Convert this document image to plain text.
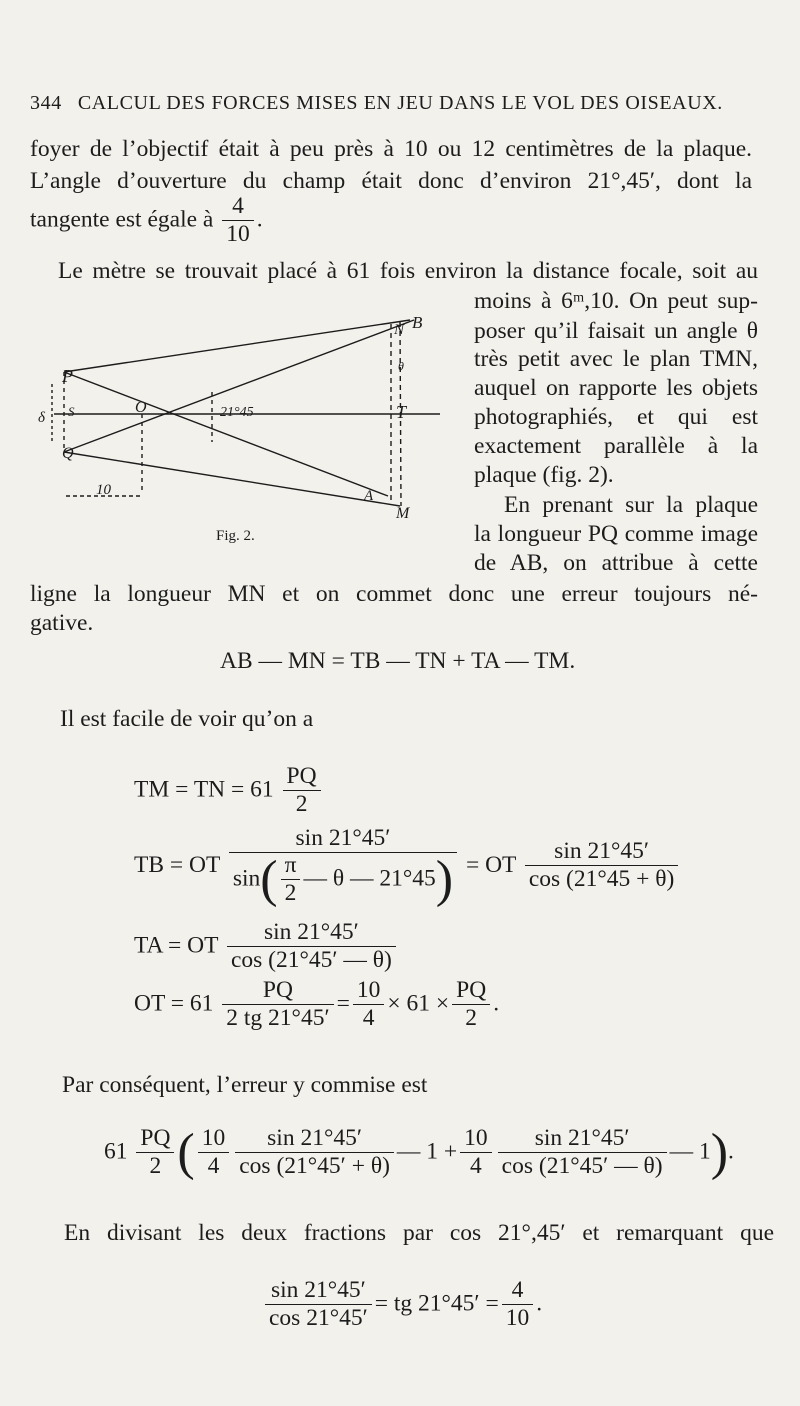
344 CALCUL DES FORCES MISES EN JEU DANS LE VOL DES OISEAUX.
foyer de l’objectif était à peu près à 10 ou 12 centimètres de la plaque.
L’angle d’ouverture du champ était donc d’environ 21°,45′, dont la
tangente est égale à $\frac{4}{10}$ .
Le mètre se trouvait placé à 61 fois environ la distance focale, soit au
moins à 6ᵐ,10. On peut sup-
poser qu’il faisait un angle θ
très petit avec le plan TMN,
auquel on rapporte les objets
photographiés, et qui est
exactement parallèle à la
plaque (fig. 2).
En prenant sur la plaque
la longueur PQ comme image
de AB, on attribue à cette
ligne la longueur MN et on commet donc une erreur toujours né-
gative.
P
S
Q
O
N B
θ
T
A
M
21°45
10
δ
Fig. 2.
AB — MN = TB — TN + TA — TM.
Il est facile de voir qu’on a
TM = TN = $61 \frac{PQ}{2}$
TB = OT $\frac{\sin 21^\circ 45'}{\sin( \frac{\pi}{2} — \theta — 21^\circ 45)}$ = OT $\frac{\sin 21^\circ 45'}{\cos (21^\circ 45 + \theta)}$
TA = OT $\frac{\sin 21^\circ 45'}{\cos (21^\circ 45' — \theta)}$
OT = $61 \frac{PQ}{2 tg 21^\circ 45'} = \frac{10}{4} \times 61 \times \frac{PQ}{2}$ .
Par conséquent, l’erreur y commise est
$61 \frac{PQ}{2}$ ( $\frac{10}{4} \frac{\sin 21^\circ 45'}{\cos (21^\circ 45' + \theta)}$ — $1 + \frac{10}{4} \frac{\sin 21^\circ 45'}{\cos (21^\circ 45' — \theta)}$ — 1).
En divisant les deux fractions par cos 21°,45′ et remarquant que
$\frac{\sin 21^\circ 45'}{\cos 21^\circ 45'}$ = tg $21^\circ 45' = \frac{4}{10}$ .
